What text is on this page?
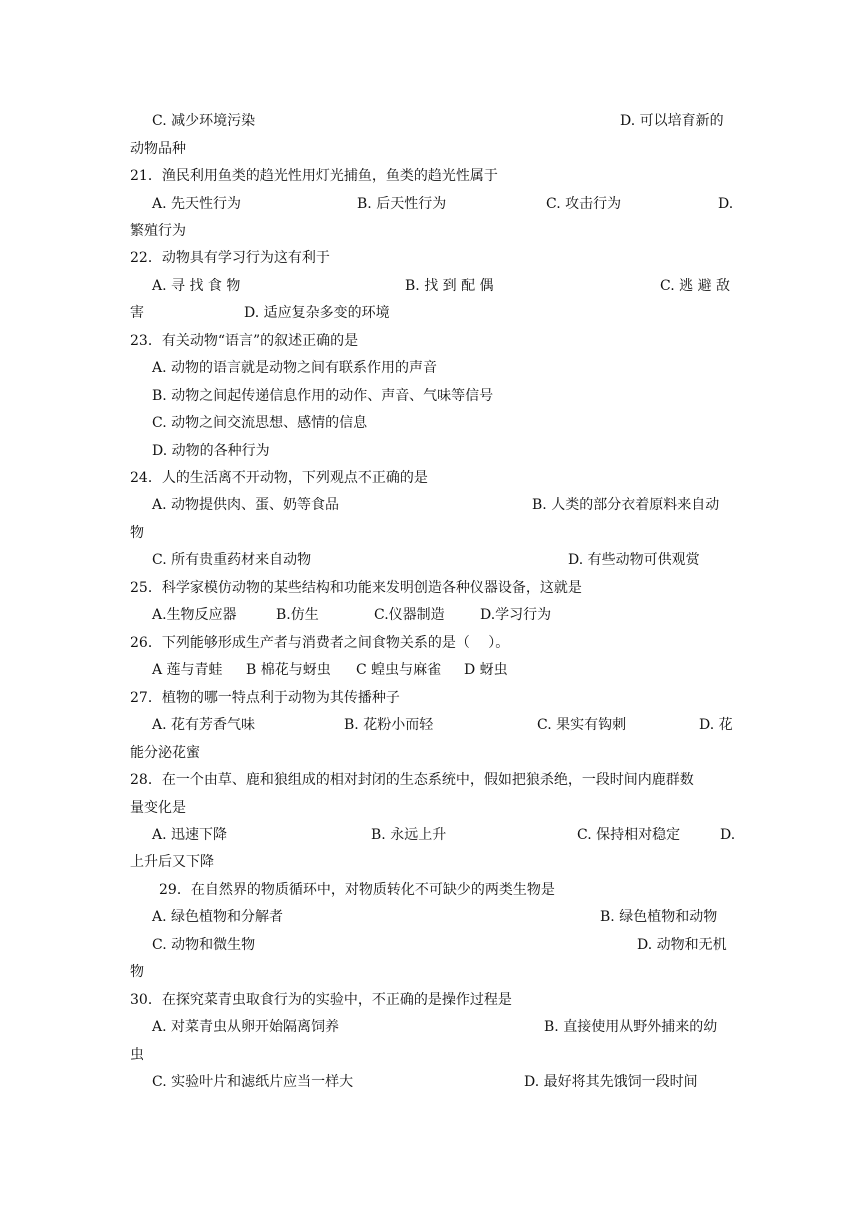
C. 减少环境污染	D. 可以培育新的
动物品种
21．渔民利用鱼类的趋光性用灯光捕鱼，鱼类的趋光性属于
A. 先天性行为	B. 后天性行为	C. 攻击行为	D.
繁殖行为
22．动物具有学习行为这有利于
A. 寻 找 食 物	B. 找 到 配 偶	C. 逃 避 敌
害	D. 适应复杂多变的环境
23．有关动物“语言”的叙述正确的是
A. 动物的语言就是动物之间有联系作用的声音
B. 动物之间起传递信息作用的动作、声音、气味等信号
C. 动物之间交流思想、感情的信息
D. 动物的各种行为
24．人的生活离不开动物，下列观点不正确的是
A. 动物提供肉、蛋、奶等食品	B. 人类的部分衣着原料来自动
物
C. 所有贵重药材来自动物	D. 有些动物可供观赏
25．科学家模仿动物的某些结构和功能来发明创造各种仪器设备，这就是
A.生物反应器	B.仿生	C.仪器制造	D.学习行为
26．下列能够形成生产者与消费者之间食物关系的是（　 ）。
A 莲与青蛙 B 棉花与蚜虫 C 蝗虫与麻雀 D 蚜虫
27．植物的哪一特点利于动物为其传播种子
A. 花有芳香气味	B. 花粉小而轻	C. 果实有钩刺	D. 花
能分泌花蜜
28．在一个由草、鹿和狼组成的相对封闭的生态系统中，假如把狼杀绝，一段时间内鹿群数
量变化是
A. 迅速下降	B. 永远上升	C. 保持相对稳定	D.
上升后又下降
29．在自然界的物质循环中，对物质转化不可缺少的两类生物是
A. 绿色植物和分解者	B. 绿色植物和动物
C. 动物和微生物	D. 动物和无机
物
30．在探究菜青虫取食行为的实验中，不正确的是操作过程是
A. 对菜青虫从卵开始隔离饲养	B. 直接使用从野外捕来的幼
虫
C. 实验叶片和滤纸片应当一样大	D. 最好将其先饿饲一段时间
